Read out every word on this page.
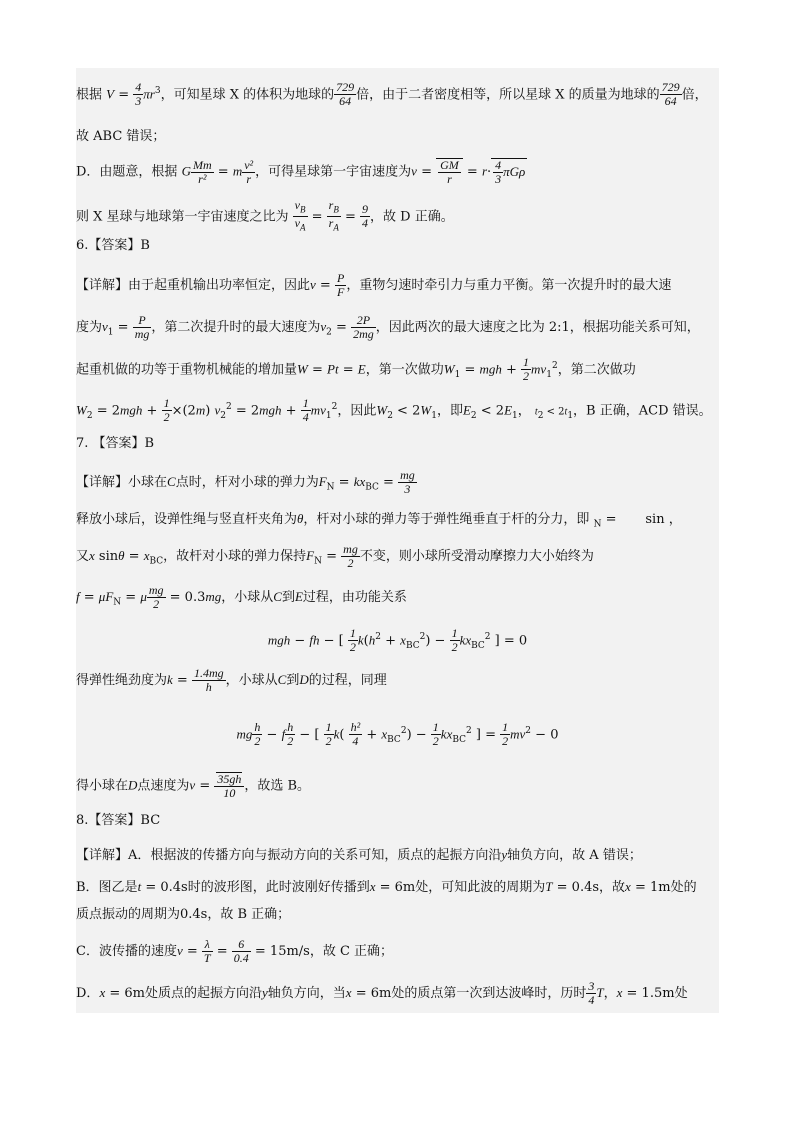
根据 $V = \frac{4}{3} \pi r^3$，可知星球 X 的体积为地球的 $\frac{729}{64}$ 倍，由于二者密度相等，所以星球 X 的质量为地球的 $\frac{729}{64}$ 倍，
故 ABC 错误；
D．由题意，根据 G $\frac{Mm}{\text{r²}} = m \frac{\text{v²}}{r}$ ，可得星球第一宇宙速度为$v = \frac{GM}{r} = r\cdot \frac{4}{3}$ πGρ
则 X 星球与地球第一宇宙速度之比为 $\frac{v_B}{v_A} = \frac{r_B}{r_A} = \frac{9}{4}$ ，故 D 正确。
6.【答案】B
【详解】由于起重机输出功率恒定，因此$v = \frac{P}{F}$ ，重物匀速时牵引力与重力平衡。第一次提升时的最大速
度为$v_1 = \frac{P}{mg}$ ，第二次提升时的最大速度为$v_2 = \frac{2P}{2mg}$ ，因此两次的最大速度之比为 2:1，根据功能关系可知，
起重机做的功等于重物机械能的增加量W = Pt = E，第一次做功$W_1$ = mgh + $\frac{1}{2} mv_1^2$，第二次做功
$W_2 = 2mgh + \frac{1}{2} \times(2m) v_2^2 = 2mgh + \frac{1}{4} mv_1^2$，因此$W_2 < 2W_1$，即$E_2 < 2E_1$， $t_2 < 2t_1$，B 正确，ACD 错误。
7. 【答案】B
【详解】小球在C点时，杆对小球的弹力为$F_N = kx_{BC} = \frac{mg}{3}$
释放小球后，设弹性绳与竖直杆夹角为θ，杆对小球的弹力等于弹性绳垂直于杆的分力，即 $_N$ =       sin ，
又x $\sin\theta = x_{BC}$，故杆对小球的弹力保持$F_N = \frac{mg}{2}$ 不变，则小球所受滑动摩擦力大小始终为
$f = \mu F_N = \mu \frac{mg}{2} = 0.3mg$，小球从C到E过程，由功能关系
mgh − fh − [ $\frac{1}{2} k(h^2 + x_{BC}^2) - \frac{1}{2} kx_{BC}^2$ ] = 0
得弹性绳劲度为$k = \frac{1.4mg}{h}$ ，小球从C到D的过程，同理
mg $\frac{h}{2} - f \frac{h}{2}$ − [ $\frac{1}{2} k( \frac{\text{h²}}{4} + x_{BC}^2) - \frac{1}{2} kx_{BC}^2$ ] = $\frac{1}{2} mv^2 - 0$
得小球在D点速度为$v = \frac{35gh}{10}$ ，故选 B。
8.【答案】BC
【详解】A．根据波的传播方向与振动方向的关系可知，质点的起振方向沿y轴负方向，故 A 错误；
B．图乙是t = 0.4s时的波形图，此时波刚好传播到x = 6m处，可知此波的周期为T = 0.4s，故x = 1m处的
质点振动的周期为0.4s，故 B 正确；
C．波传播的速度$v = \frac{\lambda}{T} = \frac{6}{0.4} = 15m/s$，故 C 正确；
D．x = 6m处质点的起振方向沿y轴负方向，当x = 6m处的质点第一次到达波峰时，历时 $\frac{3}{4}$ T，x = 1.5m处
